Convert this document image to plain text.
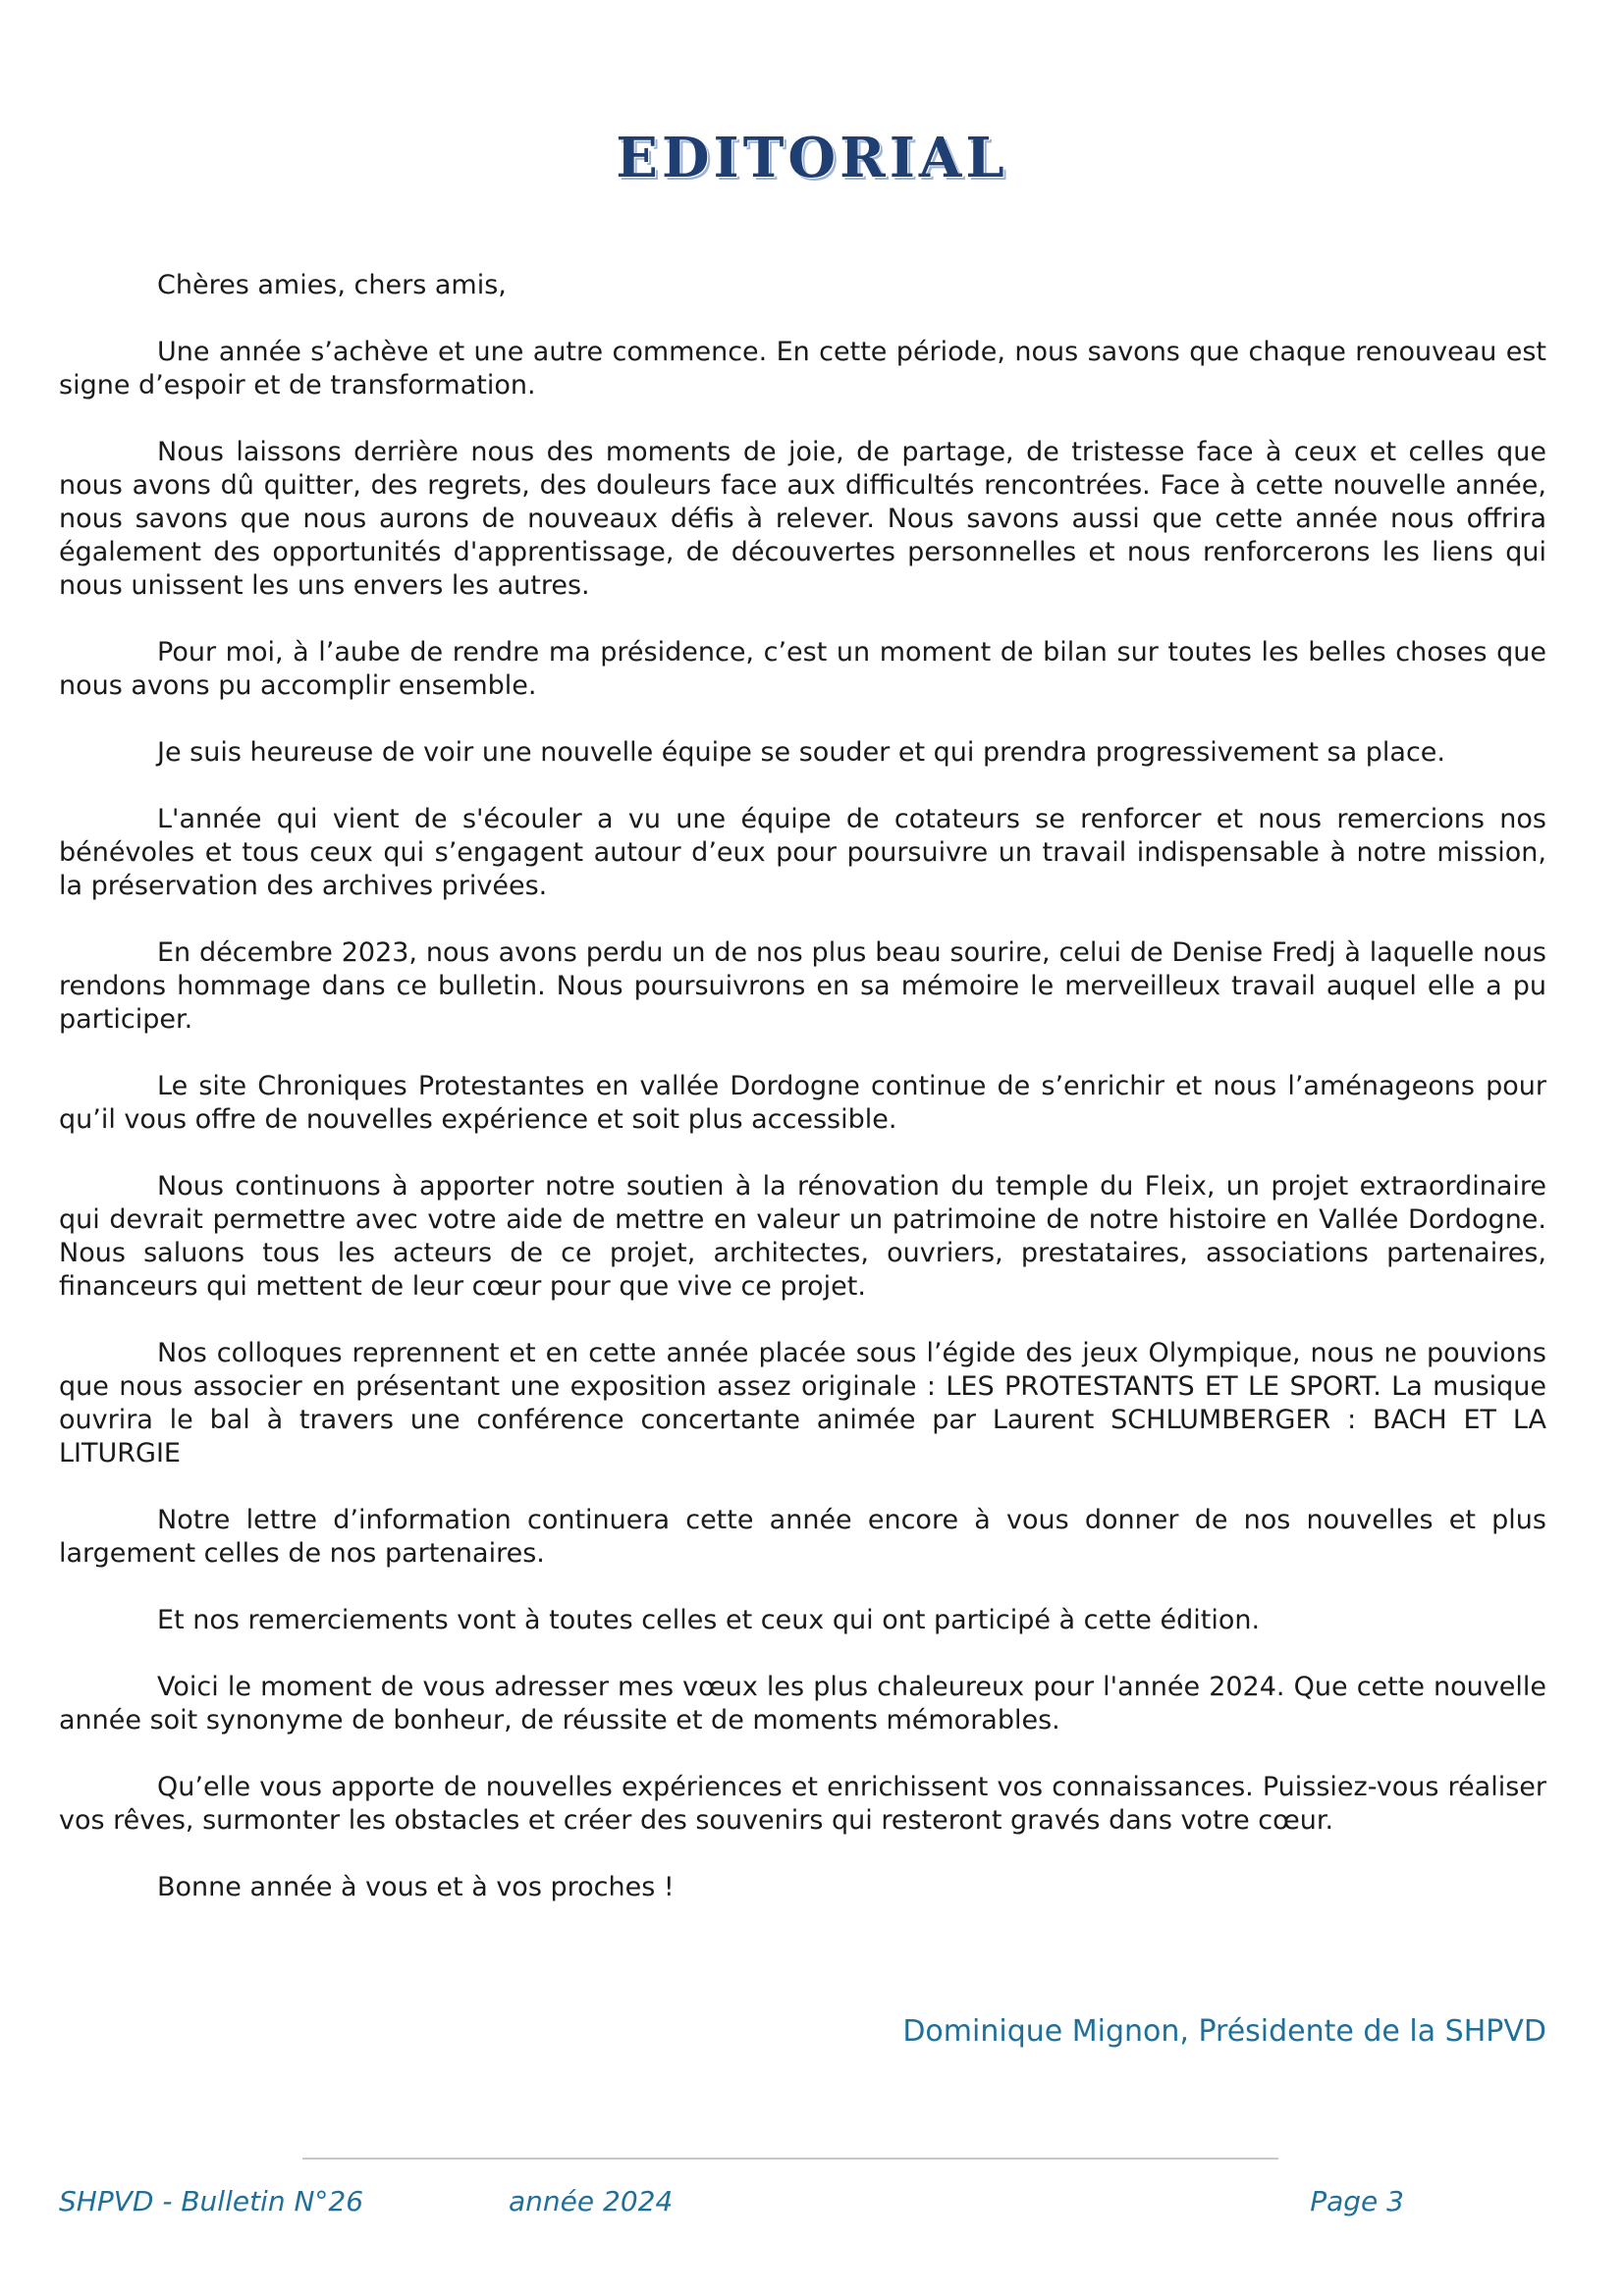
EDITORIAL

Chères amies, chers amis,

Une année s’achève et une autre commence. En cette période, nous savons que chaque renouveau est signe d’espoir et de transformation.

Nous laissons derrière nous des moments de joie, de partage, de tristesse face à ceux et celles que nous avons dû quitter, des regrets, des douleurs face aux difficultés rencontrées. Face à cette nouvelle année, nous savons que nous aurons de nouveaux défis à relever. Nous savons aussi que cette année nous offrira également des opportunités d'apprentissage, de découvertes personnelles et nous renforcerons les liens qui nous unissent les uns envers les autres.

Pour moi, à l’aube de rendre ma présidence, c’est un moment de bilan sur toutes les belles choses que nous avons pu accomplir ensemble.

Je suis heureuse de voir une nouvelle équipe se souder et qui prendra progressivement sa place.

L'année qui vient de s'écouler a vu une équipe de cotateurs se renforcer et nous remercions nos bénévoles et tous ceux qui s’engagent autour d’eux pour poursuivre un travail indispensable à notre mission, la préservation des archives privées.

En décembre 2023, nous avons perdu un de nos plus beau sourire, celui de Denise Fredj à laquelle nous rendons hommage dans ce bulletin. Nous poursuivrons en sa mémoire le merveilleux travail auquel elle a pu participer.

Le site Chroniques Protestantes en vallée Dordogne continue de s’enrichir et nous l’aménageons pour qu’il vous offre de nouvelles expérience et soit plus accessible.

Nous continuons à apporter notre soutien à la rénovation du temple du Fleix, un projet extraordinaire qui devrait permettre avec votre aide de mettre en valeur un patrimoine de notre histoire en Vallée Dordogne. Nous saluons tous les acteurs de ce projet, architectes, ouvriers, prestataires, associations partenaires, financeurs qui mettent de leur cœur pour que vive ce projet.

Nos colloques reprennent et en cette année placée sous l’égide des jeux Olympique, nous ne pouvions que nous associer en présentant une exposition assez originale : LES PROTESTANTS ET LE SPORT. La musique ouvrira le bal à travers une conférence concertante animée par Laurent SCHLUMBERGER : BACH ET LA LITURGIE

Notre lettre d’information continuera cette année encore à vous donner de nos nouvelles et plus largement celles de nos partenaires.

Et nos remerciements vont à toutes celles et ceux qui ont participé à cette édition.

Voici le moment de vous adresser mes vœux les plus chaleureux pour l'année 2024. Que cette nouvelle année soit synonyme de bonheur, de réussite et de moments mémorables.

Qu’elle vous apporte de nouvelles expériences et enrichissent vos connaissances. Puissiez-vous réaliser vos rêves, surmonter les obstacles et créer des souvenirs qui resteront gravés dans votre cœur.

Bonne année à vous et à vos proches !

Dominique Mignon, Présidente de la SHPVD
SHPVD - Bulletin N°26	année 2024	Page 3
